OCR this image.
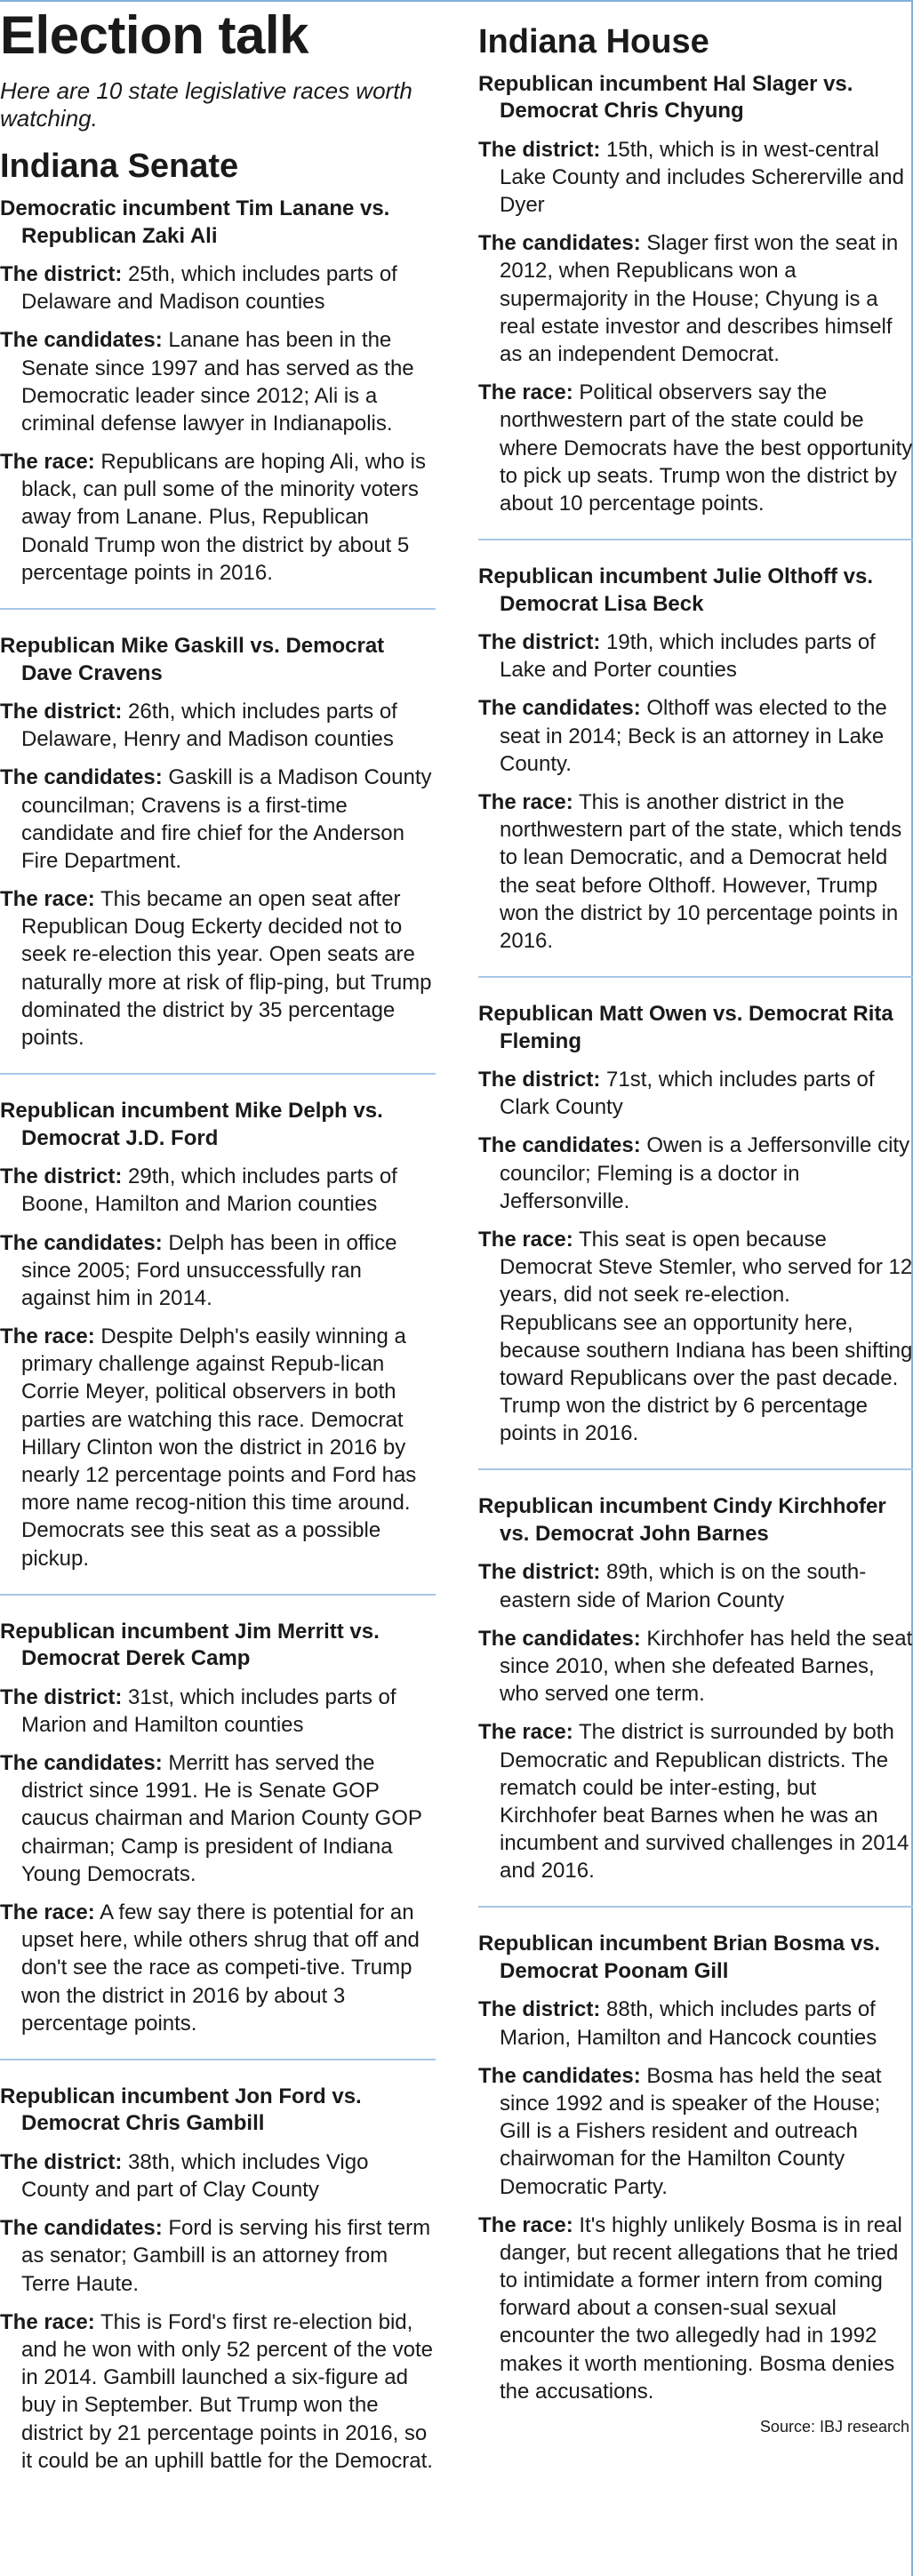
Election talk
Here are 10 state legislative races worth watching.
Indiana Senate
Democratic incumbent Tim Lanane vs. Republican Zaki Ali
The district: 25th, which includes parts of Delaware and Madison counties
The candidates: Lanane has been in the Senate since 1997 and has served as the Democratic leader since 2012; Ali is a criminal defense lawyer in Indianapolis.
The race: Republicans are hoping Ali, who is black, can pull some of the minority voters away from Lanane. Plus, Republican Donald Trump won the district by about 5 percentage points in 2016.
Republican Mike Gaskill vs. Democrat Dave Cravens
The district: 26th, which includes parts of Delaware, Henry and Madison counties
The candidates: Gaskill is a Madison County councilman; Cravens is a first-time candidate and fire chief for the Anderson Fire Department.
The race: This became an open seat after Republican Doug Eckerty decided not to seek re-election this year. Open seats are naturally more at risk of flip-ping, but Trump dominated the district by 35 percentage points.
Republican incumbent Mike Delph vs. Democrat J.D. Ford
The district: 29th, which includes parts of Boone, Hamilton and Marion counties
The candidates: Delph has been in office since 2005; Ford unsuccessfully ran against him in 2014.
The race: Despite Delph's easily winning a primary challenge against Repub-lican Corrie Meyer, political observers in both parties are watching this race. Democrat Hillary Clinton won the district in 2016 by nearly 12 percentage points and Ford has more name recog-nition this time around. Democrats see this seat as a possible pickup.
Republican incumbent Jim Merritt vs. Democrat Derek Camp
The district: 31st, which includes parts of Marion and Hamilton counties
The candidates: Merritt has served the district since 1991. He is Senate GOP caucus chairman and Marion County GOP chairman; Camp is president of Indiana Young Democrats.
The race: A few say there is potential for an upset here, while others shrug that off and don't see the race as competi-tive. Trump won the district in 2016 by about 3 percentage points.
Republican incumbent Jon Ford vs. Democrat Chris Gambill
The district: 38th, which includes Vigo County and part of Clay County
The candidates: Ford is serving his first term as senator; Gambill is an attorney from Terre Haute.
The race: This is Ford's first re-election bid, and he won with only 52 percent of the vote in 2014. Gambill launched a six-figure ad buy in September. But Trump won the district by 21 percentage points in 2016, so it could be an uphill battle for the Democrat.
Indiana House
Republican incumbent Hal Slager vs. Democrat Chris Chyung
The district: 15th, which is in west-central Lake County and includes Schererville and Dyer
The candidates: Slager first won the seat in 2012, when Republicans won a supermajority in the House; Chyung is a real estate investor and describes himself as an independent Democrat.
The race: Political observers say the northwestern part of the state could be where Democrats have the best opportunity to pick up seats. Trump won the district by about 10 percentage points.
Republican incumbent Julie Olthoff vs. Democrat Lisa Beck
The district: 19th, which includes parts of Lake and Porter counties
The candidates: Olthoff was elected to the seat in 2014; Beck is an attorney in Lake County.
The race: This is another district in the northwestern part of the state, which tends to lean Democratic, and a Democrat held the seat before Olthoff. However, Trump won the district by 10 percentage points in 2016.
Republican Matt Owen vs. Democrat Rita Fleming
The district: 71st, which includes parts of Clark County
The candidates: Owen is a Jeffersonville city councilor; Fleming is a doctor in Jeffersonville.
The race: This seat is open because Democrat Steve Stemler, who served for 12 years, did not seek re-election. Republicans see an opportunity here, because southern Indiana has been shifting toward Republicans over the past decade. Trump won the district by 6 percentage points in 2016.
Republican incumbent Cindy Kirchhofer vs. Democrat John Barnes
The district: 89th, which is on the south-eastern side of Marion County
The candidates: Kirchhofer has held the seat since 2010, when she defeated Barnes, who served one term.
The race: The district is surrounded by both Democratic and Republican districts. The rematch could be inter-esting, but Kirchhofer beat Barnes when he was an incumbent and survived challenges in 2014 and 2016.
Republican incumbent Brian Bosma vs. Democrat Poonam Gill
The district: 88th, which includes parts of Marion, Hamilton and Hancock counties
The candidates: Bosma has held the seat since 1992 and is speaker of the House; Gill is a Fishers resident and outreach chairwoman for the Hamilton County Democratic Party.
The race: It's highly unlikely Bosma is in real danger, but recent allegations that he tried to intimidate a former intern from coming forward about a consen-sual sexual encounter the two allegedly had in 1992 makes it worth mentioning. Bosma denies the accusations.
Source: IBJ research
